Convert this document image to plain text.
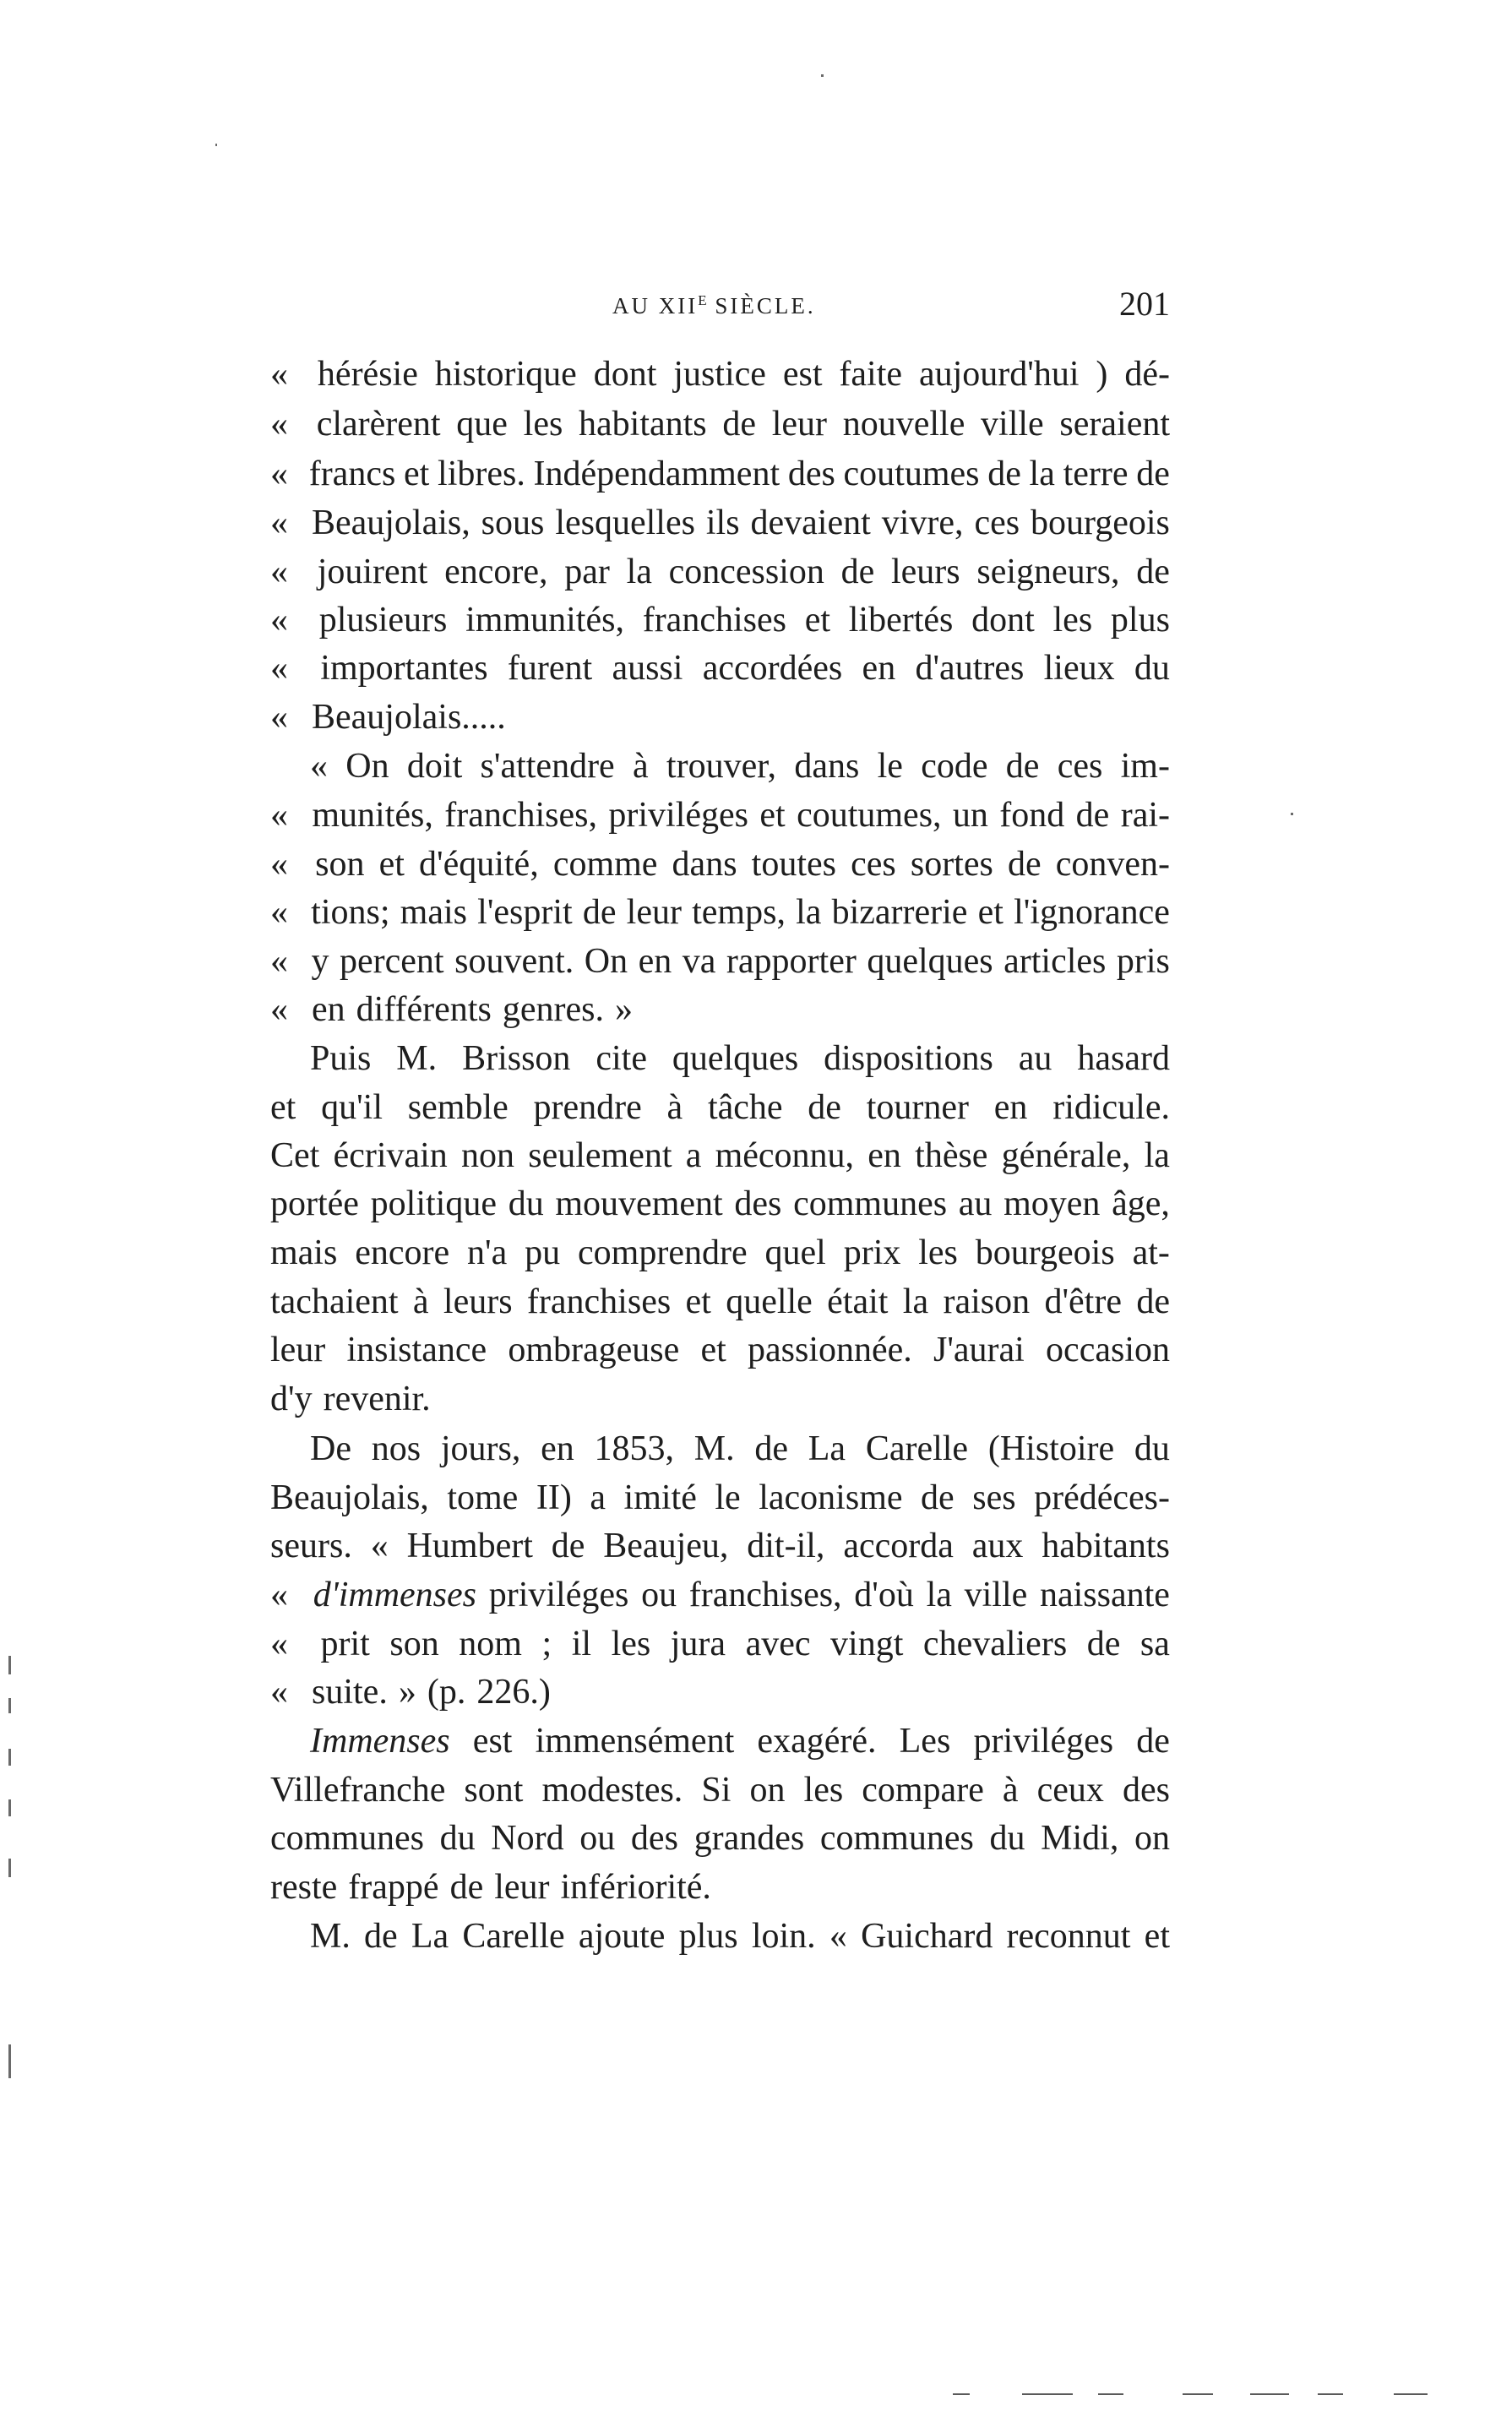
AU $XII^E$ SIÈCLE.	201
« hérésie historique dont justice est faite aujourd'hui ) dé-
« clarèrent que les habitants de leur nouvelle ville seraient
« francs et libres. Indépendamment des coutumes de la terre de
« Beaujolais, sous lesquelles ils devaient vivre, ces bourgeois
« jouirent encore, par la concession de leurs seigneurs, de
« plusieurs immunités, franchises et libertés dont les plus
« importantes furent aussi accordées en d'autres lieux du
« Beaujolais.....
« On doit s'attendre à trouver, dans le code de ces im-
« munités, franchises, priviléges et coutumes, un fond de rai-
« son et d'équité, comme dans toutes ces sortes de conven-
« tions; mais l'esprit de leur temps, la bizarrerie et l'ignorance
« y percent souvent. On en va rapporter quelques articles pris
« en différents genres. »
Puis M. Brisson cite quelques dispositions au hasard
et qu'il semble prendre à tâche de tourner en ridicule.
Cet écrivain non seulement a méconnu, en thèse générale, la
portée politique du mouvement des communes au moyen âge,
mais encore n'a pu comprendre quel prix les bourgeois at-
tachaient à leurs franchises et quelle était la raison d'être de
leur insistance ombrageuse et passionnée. J'aurai occasion
d'y revenir.
De nos jours, en 1853, M. de La Carelle (Histoire du
Beaujolais, tome II) a imité le laconisme de ses prédéces-
seurs. « Humbert de Beaujeu, dit-il, accorda aux habitants
« d'immenses priviléges ou franchises, d'où la ville naissante
« prit son nom ; il les jura avec vingt chevaliers de sa
« suite. » (p. 226.)
Immenses est immensément exagéré. Les priviléges de
Villefranche sont modestes. Si on les compare à ceux des
communes du Nord ou des grandes communes du Midi, on
reste frappé de leur infériorité.
M. de La Carelle ajoute plus loin. « Guichard reconnut et
